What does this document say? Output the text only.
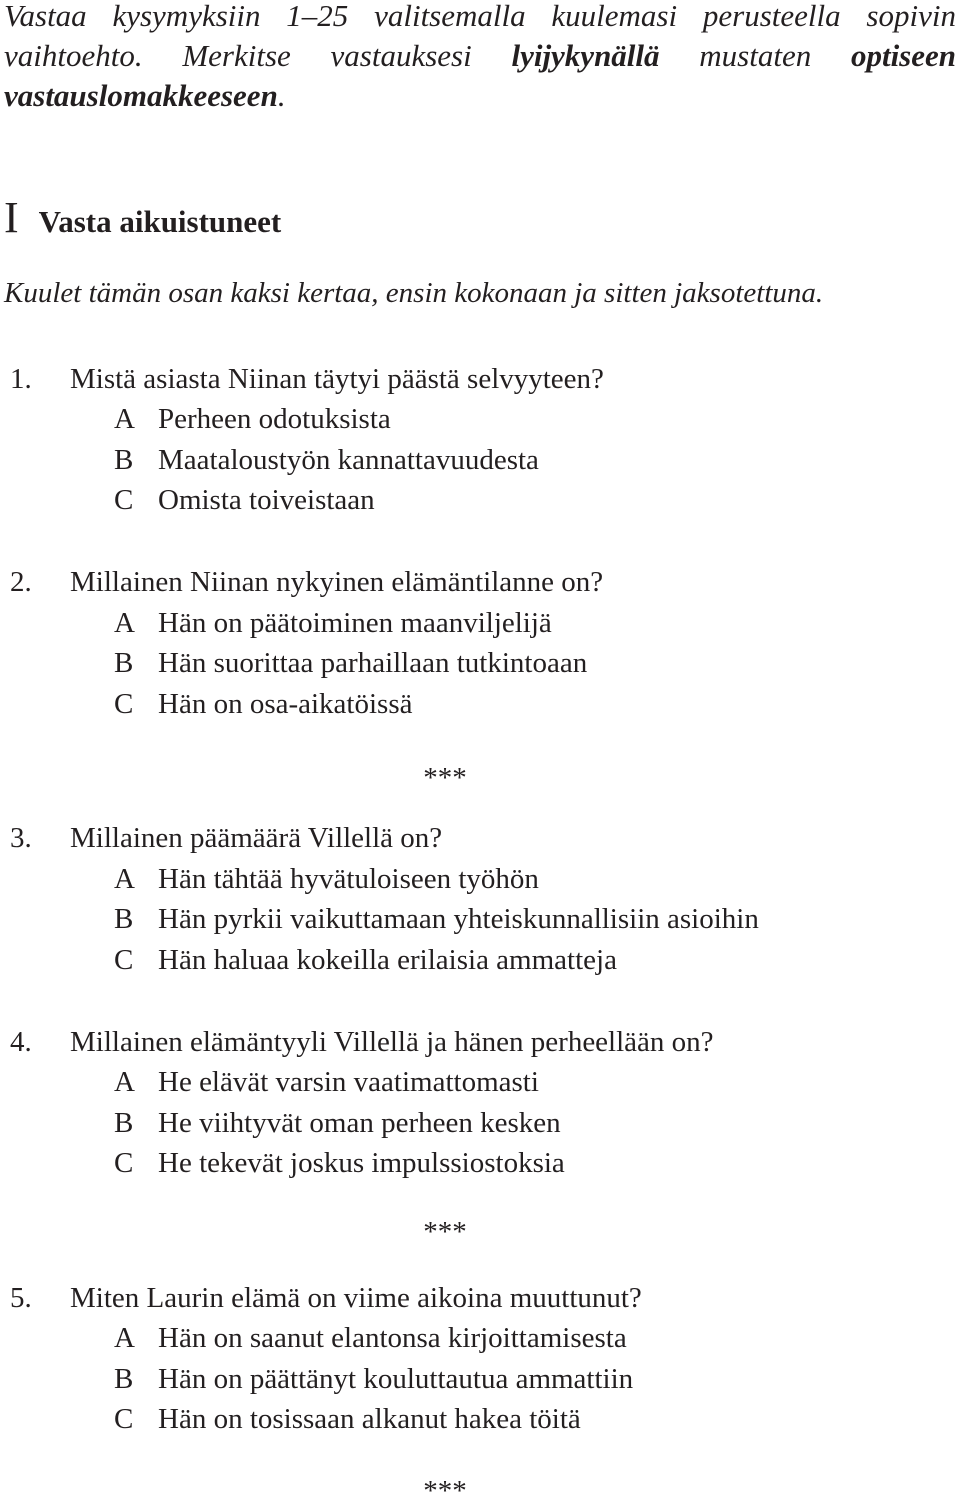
Vastaa kysymyksiin 1–25 valitsemalla kuulemasi perusteella sopivin vaihtoehto. Merkitse vastauksesi lyijykynällä mustaten optiseen vastauslomakkeeseen.
I Vasta aikuistuneet
Kuulet tämän osan kaksi kertaa, ensin kokonaan ja sitten jaksotettuna.
1. Mistä asiasta Niinan täytyi päästä selvyyteen?
A Perheen odotuksista
B Maataloustyön kannattavuudesta
C Omista toiveistaan
2. Millainen Niinan nykyinen elämäntilanne on?
A Hän on päätoiminen maanviljelijä
B Hän suorittaa parhaillaan tutkintoaan
C Hän on osa-aikatöissä
***
3. Millainen päämäärä Villellä on?
A Hän tähtää hyvätuloiseen työhön
B Hän pyrkii vaikuttamaan yhteiskunnallisiin asioihin
C Hän haluaa kokeilla erilaisia ammatteja
4. Millainen elämäntyyli Villellä ja hänen perheellään on?
A He elävät varsin vaatimattomasti
B He viihtyvät oman perheen kesken
C He tekevät joskus impulssiostoksia
***
5. Miten Laurin elämä on viime aikoina muuttunut?
A Hän on saanut elantonsa kirjoittamisesta
B Hän on päättänyt kouluttautua ammattiin
C Hän on tosissaan alkanut hakea töitä
***
